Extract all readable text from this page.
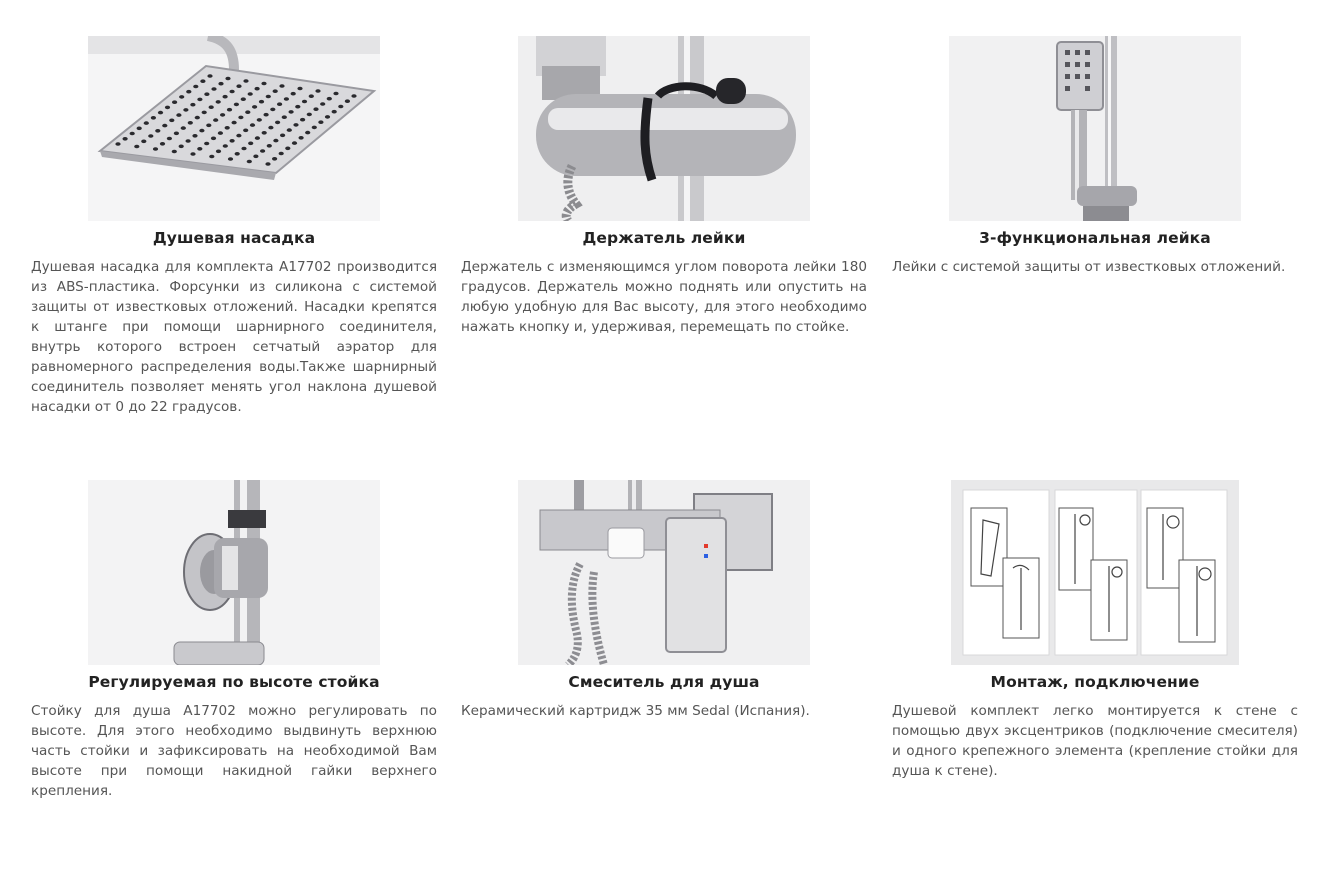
Душевая насадка

Душевая насадка для комплекта A17702 производится из ABS-пластика. Форсунки из силикона с системой защиты от известковых отложений. Насадки крепятся к штанге при помощи шарнирного соединителя, внутрь которого встроен сетчатый аэратор для равномерного распределения воды.Также шарнирный соединитель позволяет менять угол наклона душевой насадки от 0 до 22 градусов.

Держатель лейки

Держатель с изменяющимся углом поворота лейки 180 градусов. Держатель можно поднять или опустить на любую удобную для Вас высоту, для этого необходимо нажать кнопку и, удерживая, перемещать по стойке.

3-функциональная лейка

Лейки с системой защиты от известковых отложений.

Регулируемая по высоте стойка

Стойку для душа A17702 можно регулировать по высоте. Для этого необходимо выдвинуть верхнюю часть стойки и зафиксировать на необходимой Вам высоте при помощи накидной гайки верхнего крепления.

Смеситель для душа

Керамический картридж 35 мм Sedal (Испания).

Монтаж, подключение

Душевой комплект легко монтируется к стене с помощью двух эксцентриков (подключение смесителя) и одного крепежного элемента (крепление стойки для душа к стене).
